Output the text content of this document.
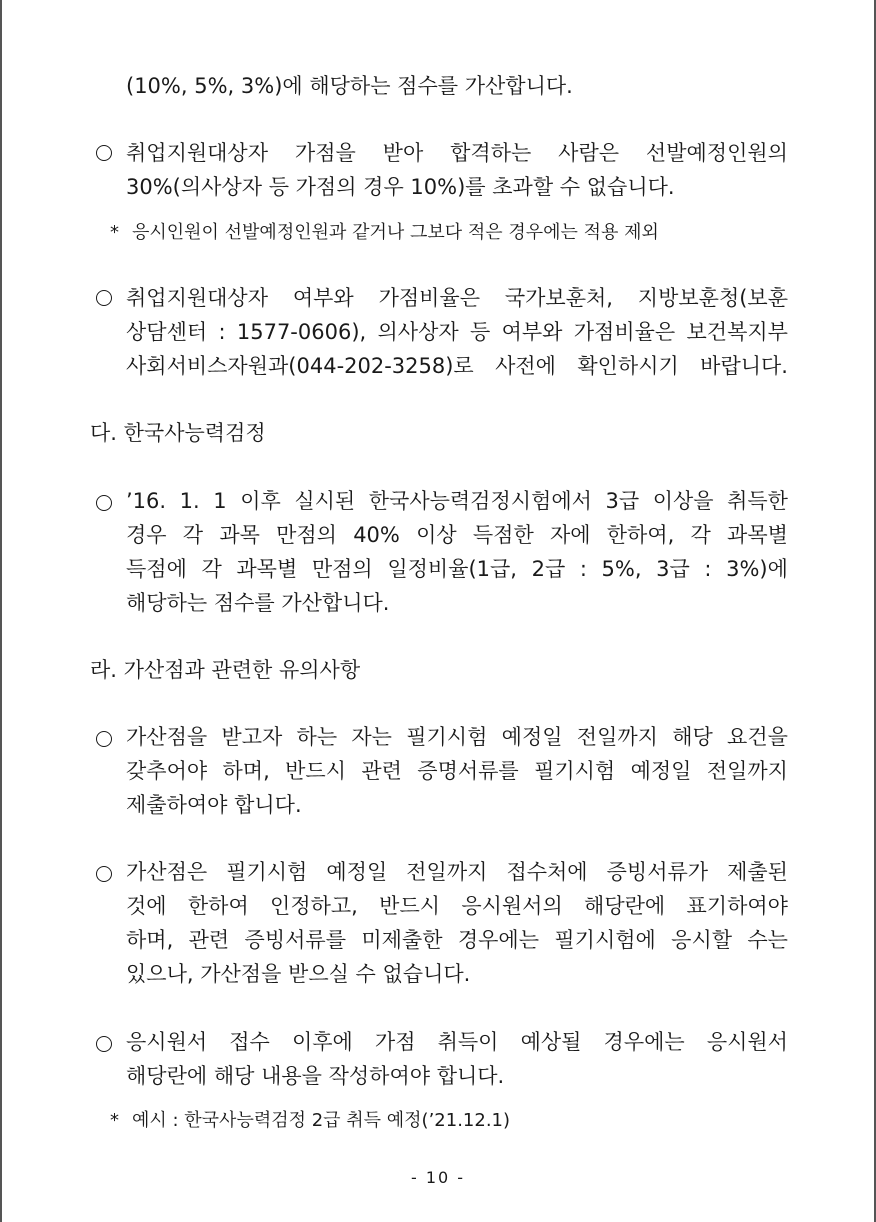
(10%, 5%, 3%)에 해당하는 점수를 가산합니다.

취업지원대상자 가점을 받아 합격하는 사람은 선발예정인원의

30%(의사상자 등 가점의 경우 10%)를 초과할 수 없습니다.

* 응시인원이 선발예정인원과 같거나 그보다 적은 경우에는 적용 제외

취업지원대상자 여부와 가점비율은 국가보훈처, 지방보훈청(보훈

상담센터 : 1577-0606), 의사상자 등 여부와 가점비율은 보건복지부

사회서비스자원과(044-202-3258)로 사전에 확인하시기 바랍니다.

다. 한국사능력검정

’16. 1. 1 이후 실시된 한국사능력검정시험에서 3급 이상을 취득한

경우 각 과목 만점의 40% 이상 득점한 자에 한하여, 각 과목별

득점에 각 과목별 만점의 일정비율(1급, 2급 : 5%, 3급 : 3%)에

해당하는 점수를 가산합니다.

라. 가산점과 관련한 유의사항

가산점을 받고자 하는 자는 필기시험 예정일 전일까지 해당 요건을

갖추어야 하며, 반드시 관련 증명서류를 필기시험 예정일 전일까지

제출하여야 합니다.

가산점은 필기시험 예정일 전일까지 접수처에 증빙서류가 제출된

것에 한하여 인정하고, 반드시 응시원서의 해당란에 표기하여야

하며, 관련 증빙서류를 미제출한 경우에는 필기시험에 응시할 수는

있으나, 가산점을 받으실 수 없습니다.

응시원서 접수 이후에 가점 취득이 예상될 경우에는 응시원서

해당란에 해당 내용을 작성하여야 합니다.

* 예시 : 한국사능력검정 2급 취득 예정(’21.12.1)
- 10 -
